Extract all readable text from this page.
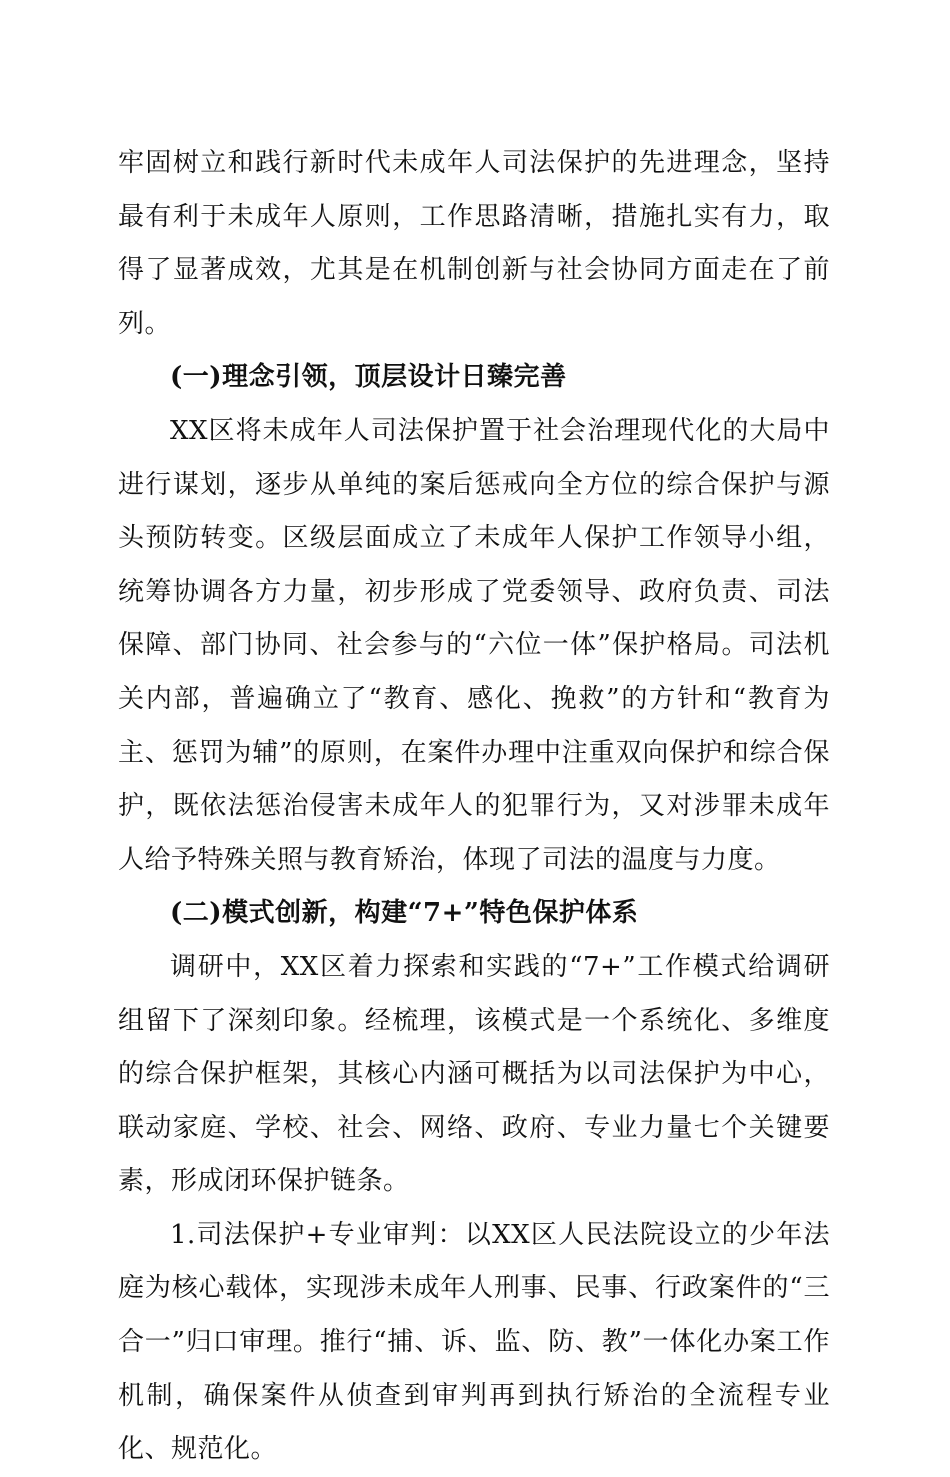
牢固树立和践行新时代未成年人司法保护的先进理念，坚持最有利于未成年人原则，工作思路清晰，措施扎实有力，取得了显著成效，尤其是在机制创新与社会协同方面走在了前列。

(一)理念引领，顶层设计日臻完善

XX区将未成年人司法保护置于社会治理现代化的大局中进行谋划，逐步从单纯的案后惩戒向全方位的综合保护与源头预防转变。区级层面成立了未成年人保护工作领导小组，统筹协调各方力量，初步形成了党委领导、政府负责、司法保障、部门协同、社会参与的“六位一体”保护格局。司法机关内部，普遍确立了“教育、感化、挽救”的方针和“教育为主、惩罚为辅”的原则，在案件办理中注重双向保护和综合保护，既依法惩治侵害未成年人的犯罪行为，又对涉罪未成年人给予特殊关照与教育矫治，体现了司法的温度与力度。

(二)模式创新，构建“7+”特色保护体系

调研中，XX区着力探索和实践的“7+”工作模式给调研组留下了深刻印象。经梳理，该模式是一个系统化、多维度的综合保护框架，其核心内涵可概括为以司法保护为中心，联动家庭、学校、社会、网络、政府、专业力量七个关键要素，形成闭环保护链条。

1.司法保护+专业审判：以XX区人民法院设立的少年法庭为核心载体，实现涉未成年人刑事、民事、行政案件的“三合一”归口审理。推行“捕、诉、监、防、教”一体化办案工作机制，确保案件从侦查到审判再到执行矫治的全流程专业化、规范化。
